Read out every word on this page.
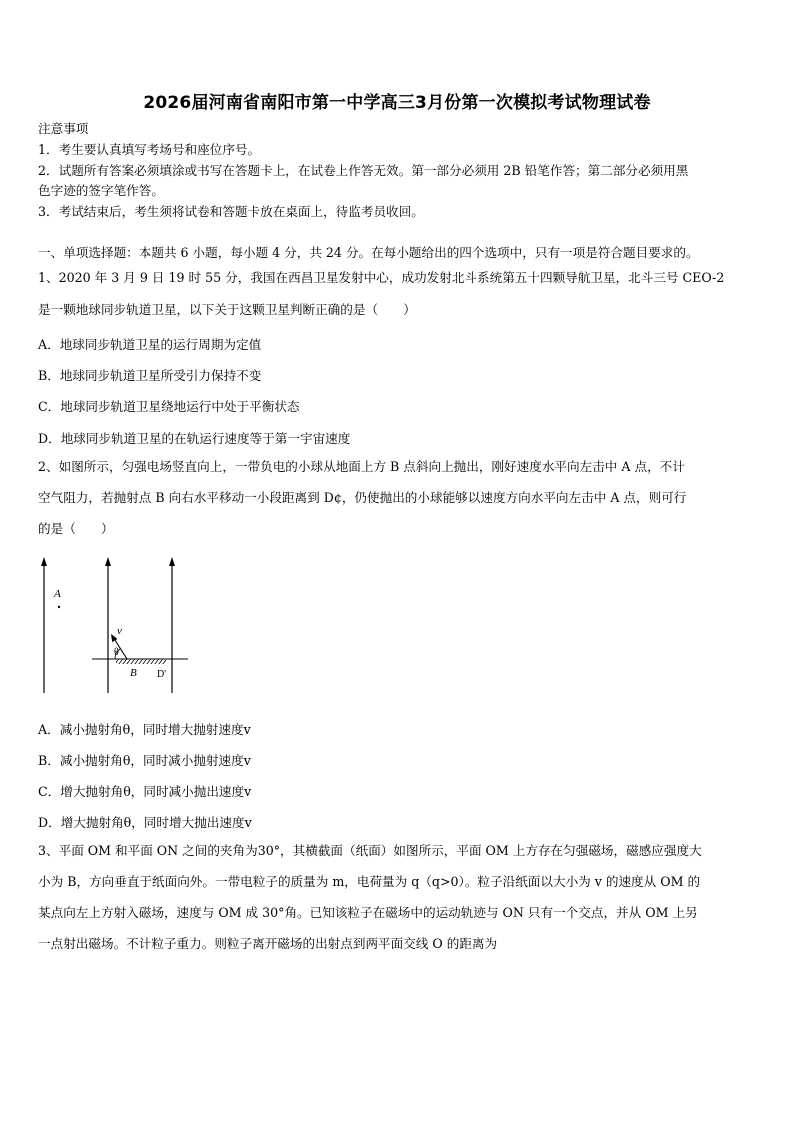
2026届河南省南阳市第一中学高三3月份第一次模拟考试物理试卷
注意事项
1．考生要认真填写考场号和座位序号。
2．试题所有答案必须填涂或书写在答题卡上，在试卷上作答无效。第一部分必须用 2B 铅笔作答；第二部分必须用黑
色字迹的签字笔作答。
3．考试结束后，考生须将试卷和答题卡放在桌面上，待监考员收回。
一、单项选择题：本题共 6 小题，每小题 4 分，共 24 分。在每小题给出的四个选项中，只有一项是符合题目要求的。
1、2020 年 3 月 9 日 19 时 55 分，我国在西昌卫星发射中心，成功发射北斗系统第五十四颗导航卫星，北斗三号 CEO-2
是一颗地球同步轨道卫星，以下关于这颗卫星判断正确的是（　　）
A．地球同步轨道卫星的运行周期为定值
B．地球同步轨道卫星所受引力保持不变
C．地球同步轨道卫星绕地运行中处于平衡状态
D．地球同步轨道卫星的在轨运行速度等于第一宇宙速度
2、如图所示，匀强电场竖直向上，一带负电的小球从地面上方 B 点斜向上抛出，刚好速度水平向左击中 A 点，不计
空气阻力，若抛射点 B 向右水平移动一小段距离到 D¢，仍使抛出的小球能够以速度方向水平向左击中 A 点，则可行
的是（　　）
A
v
θ
B D'
A．减小抛射角θ，同时增大抛射速度v
B．减小抛射角θ，同时减小抛射速度v
C．增大抛射角θ，同时减小抛出速度v
D．增大抛射角θ，同时增大抛出速度v
3、平面 OM 和平面 ON 之间的夹角为30°，其横截面（纸面）如图所示，平面 OM 上方存在匀强磁场，磁感应强度大
小为 B，方向垂直于纸面向外。一带电粒子的质量为 m，电荷量为 q（q>0）。粒子沿纸面以大小为 v 的速度从 OM 的
某点向左上方射入磁场，速度与 OM 成 30°角。已知该粒子在磁场中的运动轨迹与 ON 只有一个交点，并从 OM 上另
一点射出磁场。不计粒子重力。则粒子离开磁场的出射点到两平面交线 O 的距离为
